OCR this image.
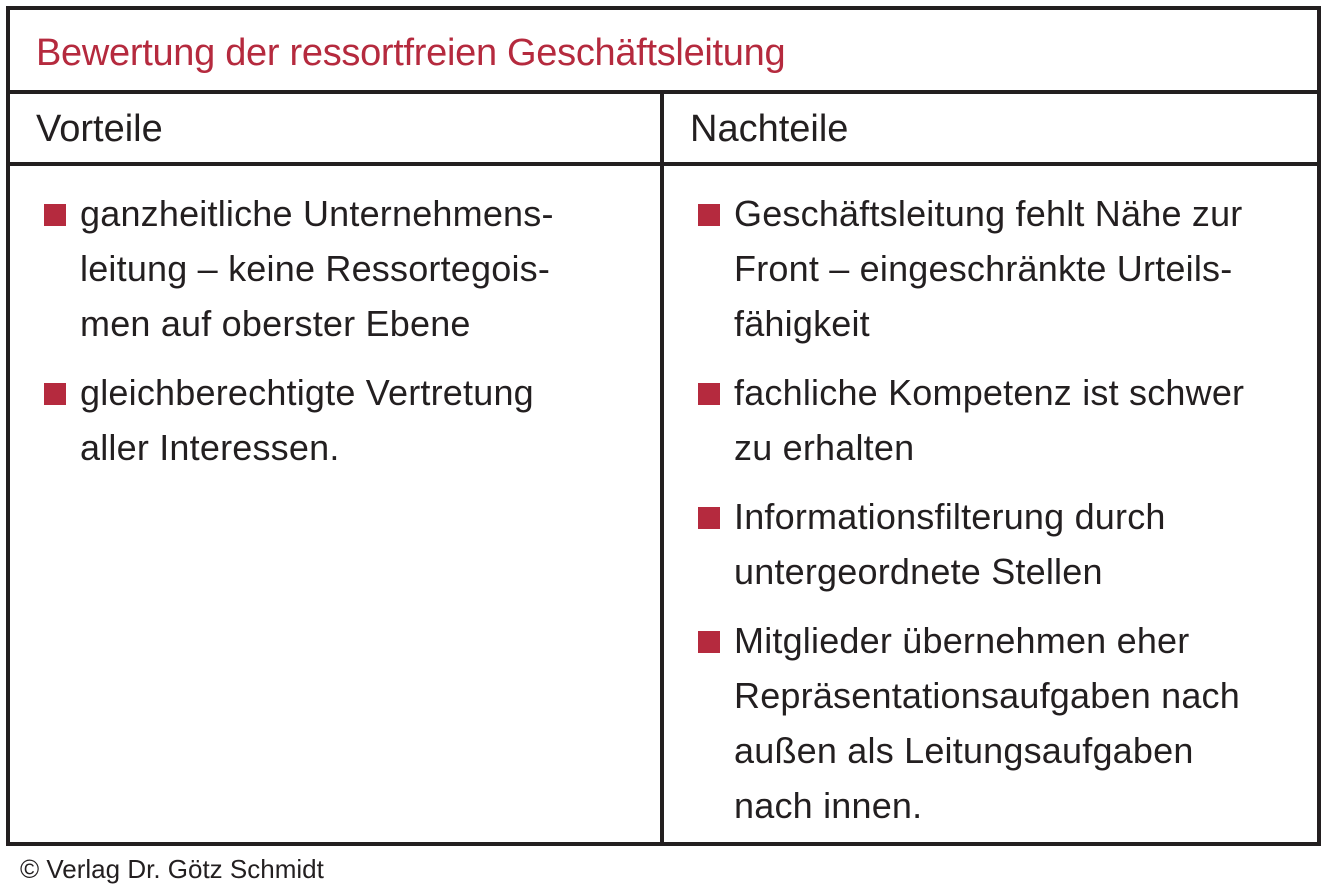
Bewertung der ressortfreien Geschäftsleitung
Vorteile	Nachteile
ganzheitliche Unternehmens-
leitung – keine Ressortegois-
men auf oberster Ebene
gleichberechtigte Vertretung
aller Interessen.
Geschäftsleitung fehlt Nähe zur
Front – eingeschränkte Urteils-
fähigkeit
fachliche Kompetenz ist schwer
zu erhalten
Informationsfilterung durch
untergeordnete Stellen
Mitglieder übernehmen eher
Repräsentationsaufgaben nach
außen als Leitungsaufgaben
nach innen.
© Verlag Dr. Götz Schmidt
